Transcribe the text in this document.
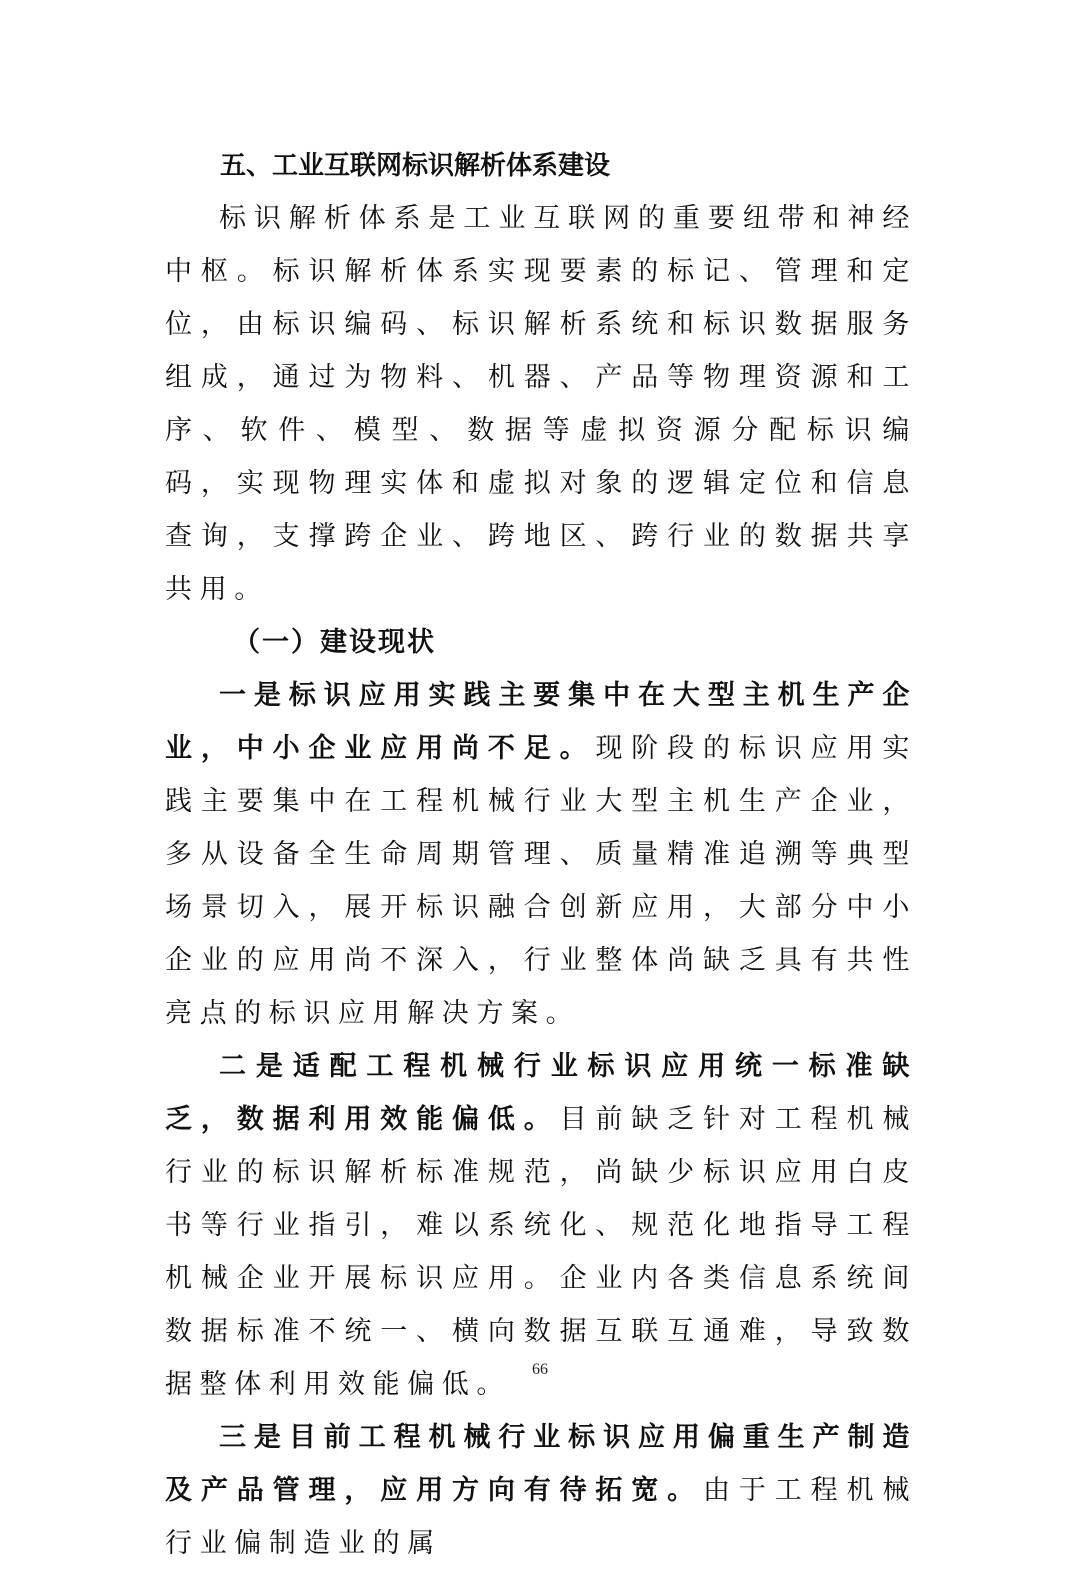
五、工业互联网标识解析体系建设

标识解析体系是工业互联网的重要纽带和神经中枢。标识解析体系实现要素的标记、管理和定位，由标识编码、标识解析系统和标识数据服务组成，通过为物料、机器、产品等物理资源和工序、软件、模型、数据等虚拟资源分配标识编码，实现物理实体和虚拟对象的逻辑定位和信息查询，支撑跨企业、跨地区、跨行业的数据共享共用。

（一）建设现状

一是标识应用实践主要集中在大型主机生产企业，中小企业应用尚不足。现阶段的标识应用实践主要集中在工程机械行业大型主机生产企业，多从设备全生命周期管理、质量精准追溯等典型场景切入，展开标识融合创新应用，大部分中小企业的应用尚不深入，行业整体尚缺乏具有共性亮点的标识应用解决方案。

二是适配工程机械行业标识应用统一标准缺乏，数据利用效能偏低。目前缺乏针对工程机械行业的标识解析标准规范，尚缺少标识应用白皮书等行业指引，难以系统化、规范化地指导工程机械企业开展标识应用。企业内各类信息系统间数据标准不统一、横向数据互联互通难，导致数据整体利用效能偏低。

三是目前工程机械行业标识应用偏重生产制造及产品管理，应用方向有待拓宽。由于工程机械行业偏制造业的属

66
